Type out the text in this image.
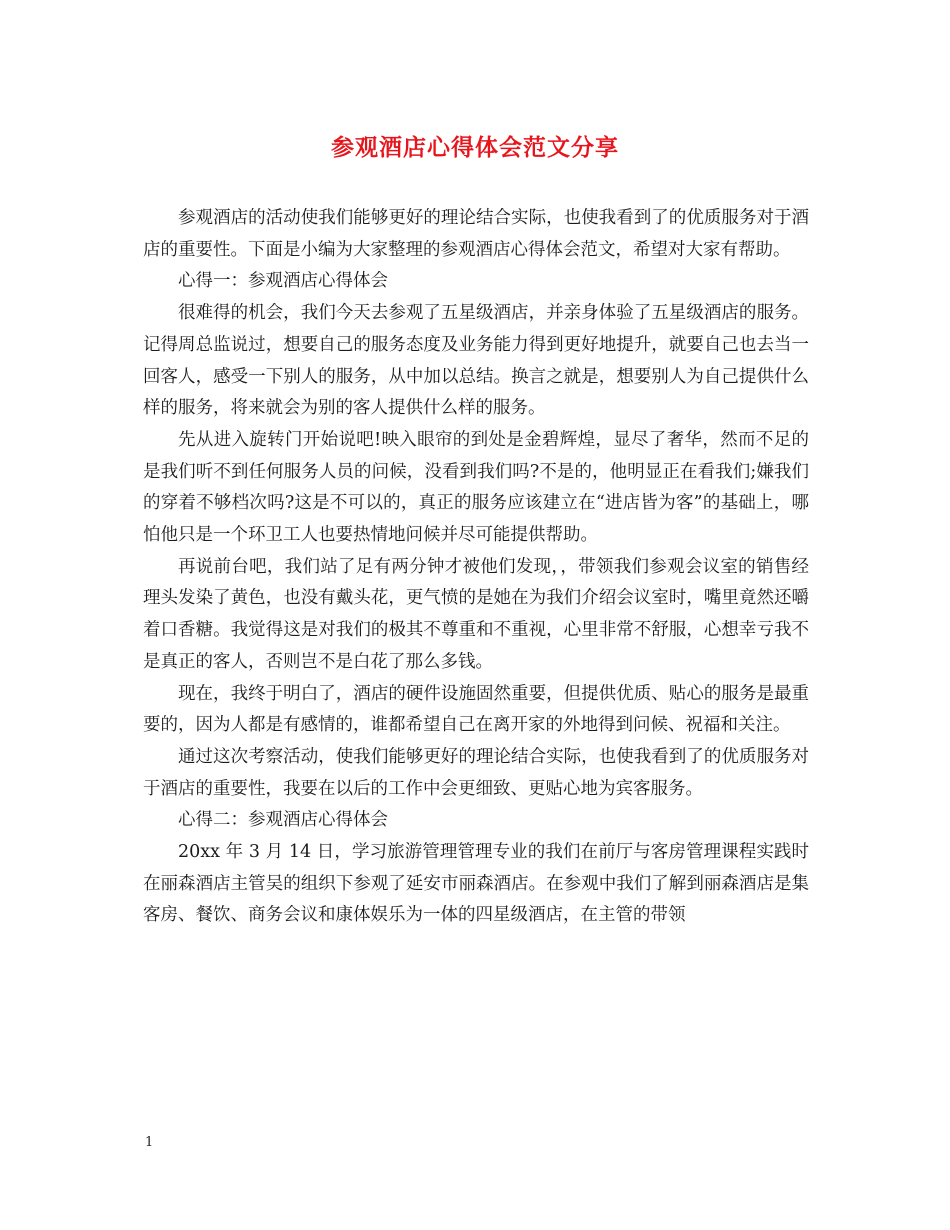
参观酒店心得体会范文分享

参观酒店的活动使我们能够更好的理论结合实际，也使我看到了的优质服务对于酒店的重要性。下面是小编为大家整理的参观酒店心得体会范文，希望对大家有帮助。

心得一：参观酒店心得体会

很难得的机会，我们今天去参观了五星级酒店，并亲身体验了五星级酒店的服务。记得周总监说过，想要自己的服务态度及业务能力得到更好地提升，就要自己也去当一回客人，感受一下别人的服务，从中加以总结。换言之就是，想要别人为自己提供什么样的服务，将来就会为别的客人提供什么样的服务。

先从进入旋转门开始说吧!映入眼帘的到处是金碧辉煌，显尽了奢华，然而不足的是我们听不到任何服务人员的问候，没看到我们吗?不是的，他明显正在看我们;嫌我们的穿着不够档次吗?这是不可以的，真正的服务应该建立在“进店皆为客”的基础上，哪怕他只是一个环卫工人也要热情地问候并尽可能提供帮助。

再说前台吧，我们站了足有两分钟才被他们发现，，带领我们参观会议室的销售经理头发染了黄色，也没有戴头花，更气愤的是她在为我们介绍会议室时，嘴里竟然还嚼着口香糖。我觉得这是对我们的极其不尊重和不重视，心里非常不舒服，心想幸亏我不是真正的客人，否则岂不是白花了那么多钱。

现在，我终于明白了，酒店的硬件设施固然重要，但提供优质、贴心的服务是最重要的，因为人都是有感情的，谁都希望自己在离开家的外地得到问候、祝福和关注。

通过这次考察活动，使我们能够更好的理论结合实际，也使我看到了的优质服务对于酒店的重要性，我要在以后的工作中会更细致、更贴心地为宾客服务。

心得二：参观酒店心得体会

20xx 年 3 月 14 日，学习旅游管理管理专业的我们在前厅与客房管理课程实践时在丽森酒店主管吴的组织下参观了延安市丽森酒店。在参观中我们了解到丽森酒店是集客房、餐饮、商务会议和康体娱乐为一体的四星级酒店，在主管的带领

1
